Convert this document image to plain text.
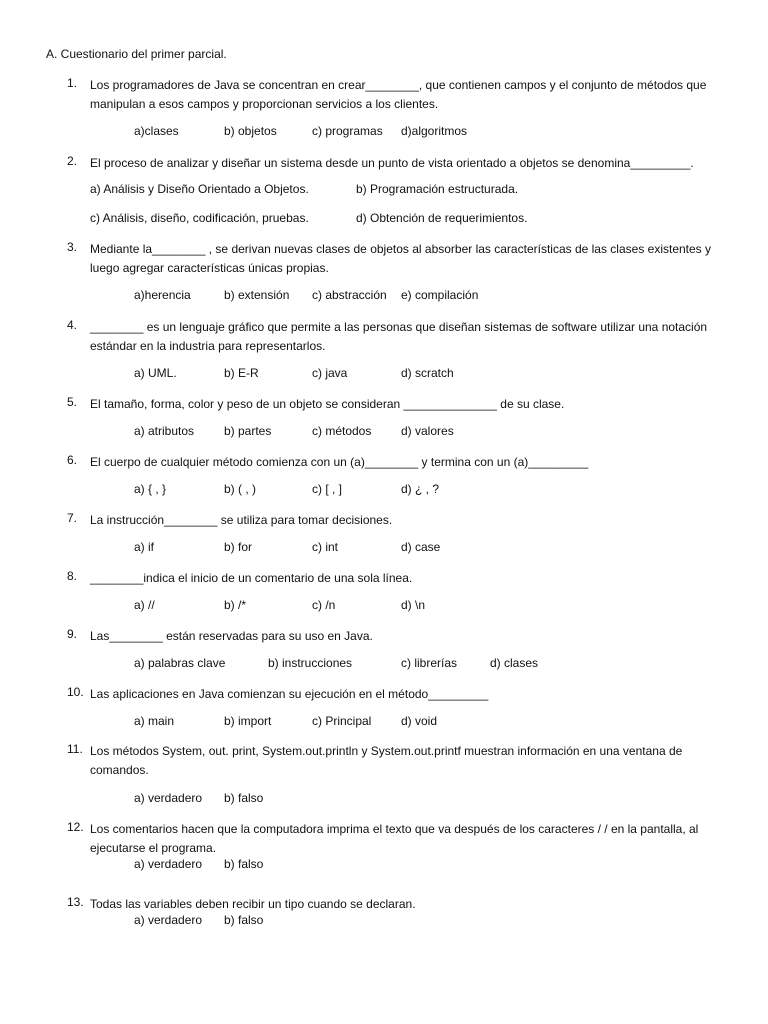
A. Cuestionario del primer parcial.
1. Los programadores de Java se concentran en crear________, que contienen campos y el conjunto de métodos que manipulan a esos campos y proporcionan servicios a los clientes.
a)clases	b) objetos	c) programas d)algoritmos
2. El proceso de analizar y diseñar un sistema desde un punto de vista orientado a objetos se denomina_________.
a) Análisis y Diseño Orientado a Objetos.	b) Programación estructurada.
c) Análisis, diseño, codificación, pruebas.	d) Obtención de requerimientos.
3. Mediante la________ , se derivan nuevas clases de objetos al absorber las características de las clases existentes y luego agregar características únicas propias.
a)herencia	b) extensión c) abstracción e) compilación
4. ________ es un lenguaje gráfico que permite a las personas que diseñan sistemas de software utilizar una notación estándar en la industria para representarlos.
a) UML.	b) E-R	c) java	d) scratch
5. El tamaño, forma, color y peso de un objeto se consideran ______________ de su clase.
a) atributos b) partes	c) métodos d) valores
6. El cuerpo de cualquier método comienza con un (a)________ y termina con un (a)_________
a) { , }	b) ( , )	c) [ , ]	d) ¿ , ?
7. La instrucción________ se utiliza para tomar decisiones.
a) if	b) for	c) int	d) case
8. ________indica el inicio de un comentario de una sola línea.
a) //	b) /*	c) /n	d) \n
9. Las________ están reservadas para su uso en Java.
a) palabras clave	b) instrucciones	c) librerías	d) clases
10. Las aplicaciones en Java comienzan su ejecución en el método_________
a) main	b) import	c) Principal d) void
11. Los métodos System, out. print, System.out.println y System.out.printf muestran información en una ventana de comandos.
a) verdadero b) falso
12. Los comentarios hacen que la computadora imprima el texto que va después de los caracteres / / en la pantalla, al ejecutarse el programa.
a) verdadero b) falso
13. Todas las variables deben recibir un tipo cuando se declaran.
a) verdadero b) falso
